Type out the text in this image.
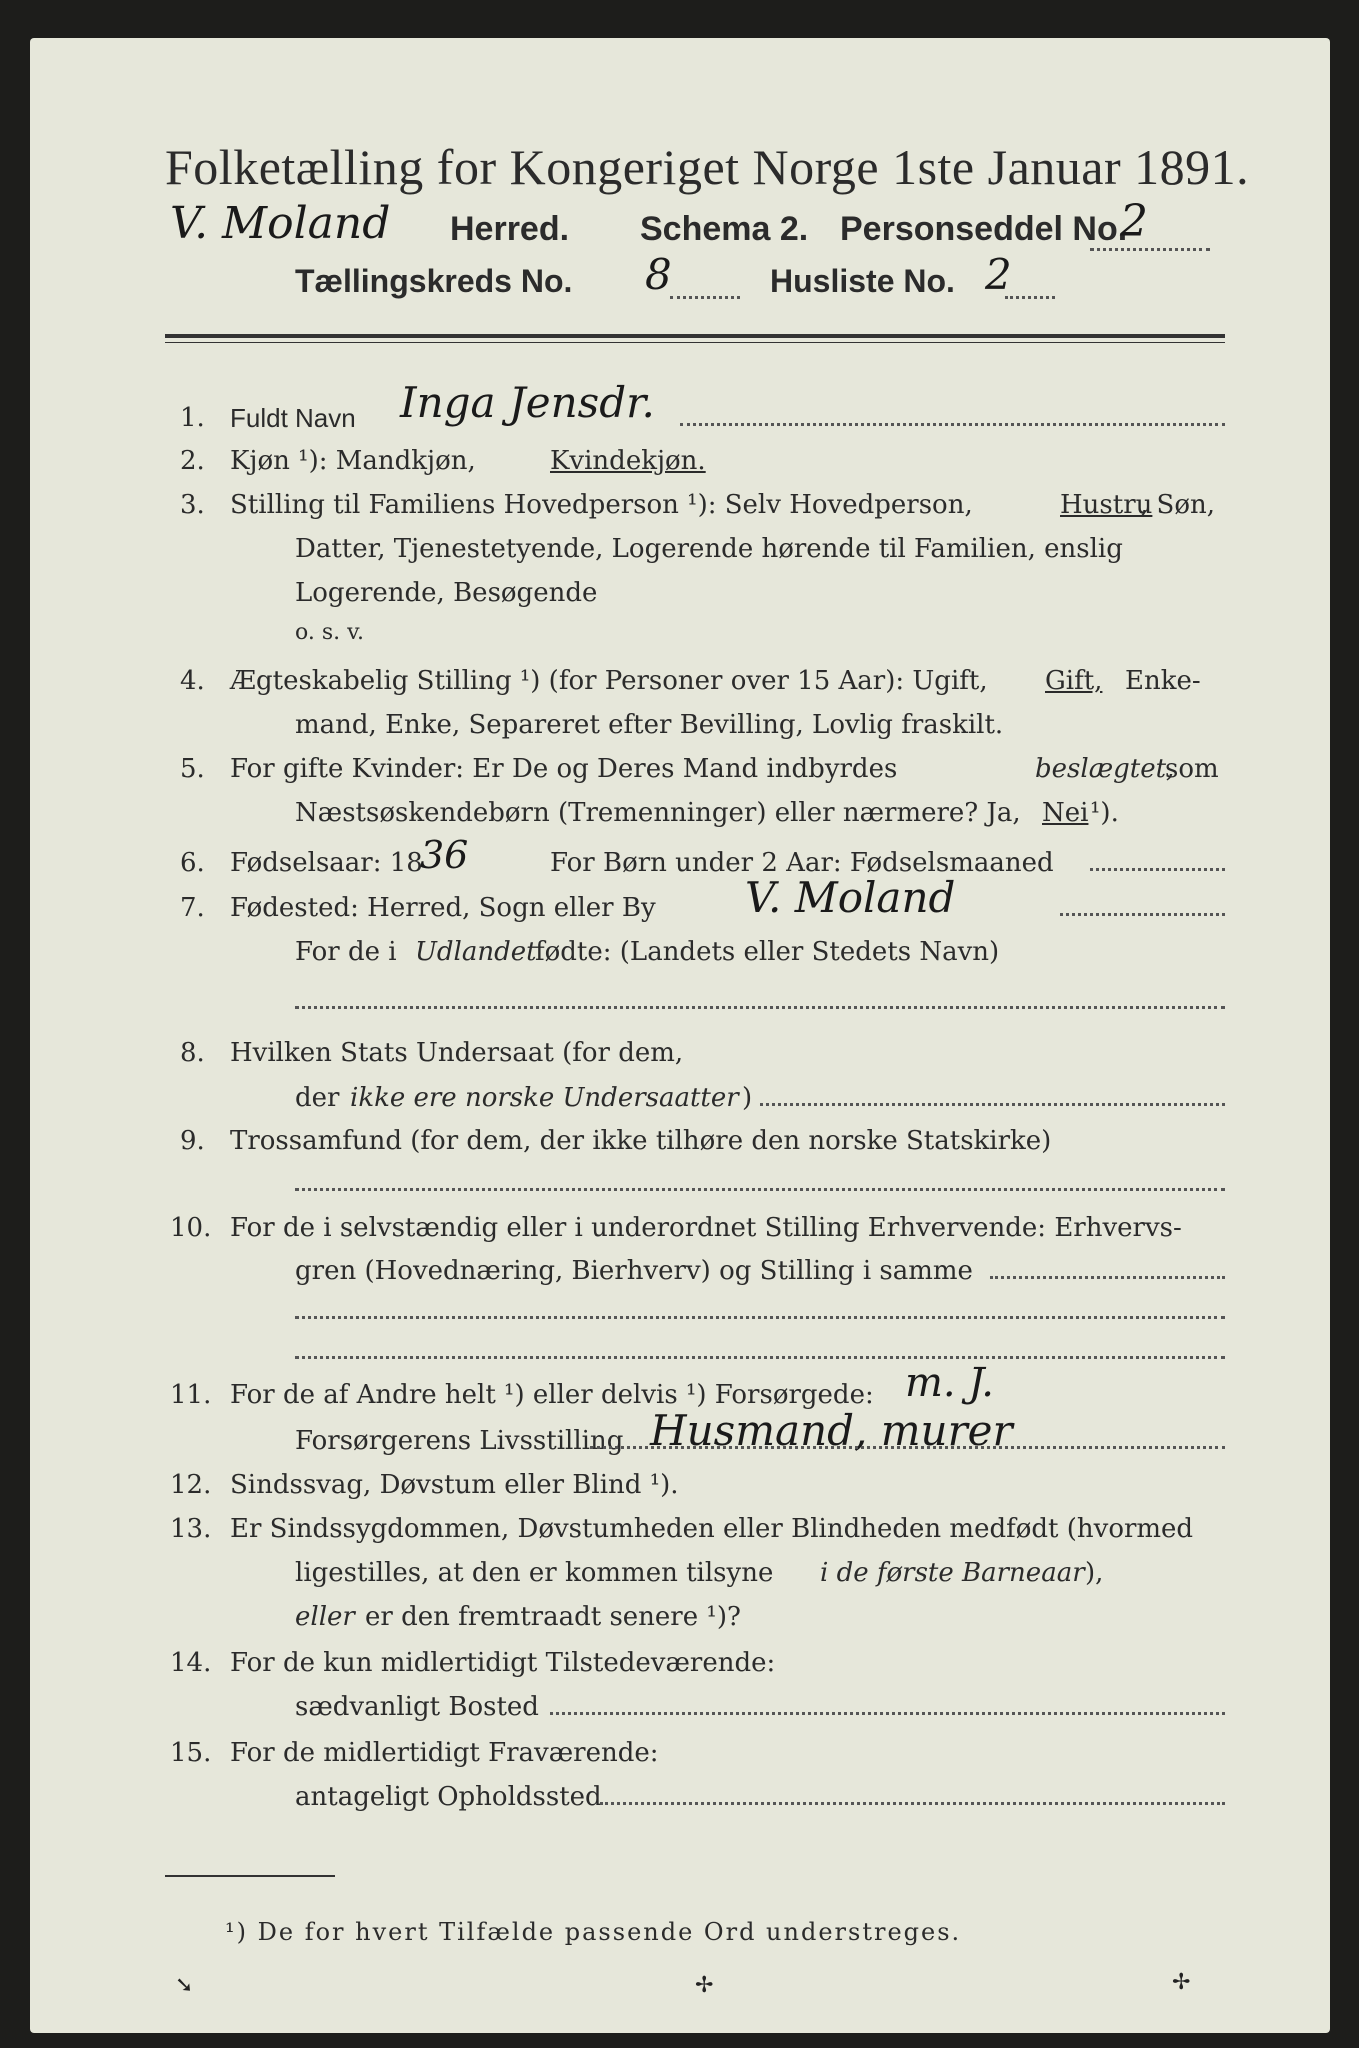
Folketælling for Kongeriget Norge 1ste Januar 1891.
V. Moland Herred. Schema 2. Personseddel No.
2
Tællingskreds No. 8	Husliste No. 2
1. Fuldt Navn Inga Jensdr.
2. Kjøn ¹): Mandkjøn,	Kvindekjøn.
3. Stilling til Familiens Hovedperson ¹): Selv Hovedperson,	Hustru
, Søn,
Datter, Tjenestetyende, Logerende hørende til Familien, enslig
Logerende, Besøgende
o. s. v.
4. Ægteskabelig Stilling ¹) (for Personer over 15 Aar): Ugift, Gift, Enke-
mand, Enke, Separeret efter Bevilling, Lovlig fraskilt.
5. For gifte Kvinder: Er De og Deres Mand indbyrdes	beslægtet,
som
Næstsøskendebørn (Tremenninger) eller nærmere? Ja, Nei ¹).
6. Fødselsaar: 18
36	For Børn under 2 Aar: Fødselsmaaned
7. Fødested: Herred, Sogn eller By V. Moland
For de i Udlandet
fødte: (Landets eller Stedets Navn)
8. Hvilken Stats Undersaat (for dem,
der ikke ere norske Undersaatter )
9. Trossamfund (for dem, der ikke tilhøre den norske Statskirke)
10. For de i selvstændig eller i underordnet Stilling Erhvervende: Erhvervs-
gren (Hovednæring, Bierhverv) og Stilling i samme
11. For de af Andre helt ¹) eller delvis ¹) Forsørgede: m. J.
Forsørgerens Livsstilling Husmand, murer
12. Sindssvag, Døvstum eller Blind ¹).
13. Er Sindssygdommen, Døvstumheden eller Blindheden medfødt (hvormed
ligestilles, at den er kommen tilsyne i de første Barneaar ),
eller er den fremtraadt senere ¹)?
14. For de kun midlertidigt Tilstedeværende:
sædvanligt Bosted
15. For de midlertidigt Fraværende:
antageligt Opholdssted
¹) De for hvert Tilfælde passende Ord understreges.
➘	✢	✢
